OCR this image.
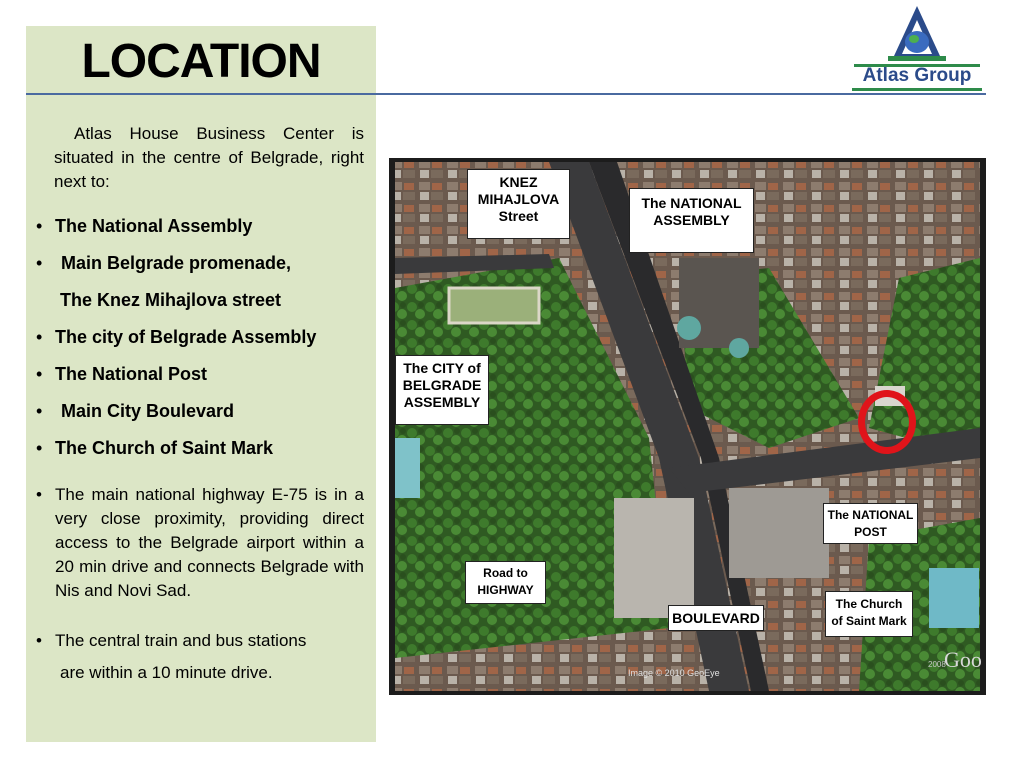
LOCATION	Atlas Group

Atlas House Business Center is situated in the centre of Belgrade, right next to:

• The National Assembly
• Main Belgrade promenade,
The Knez Mihajlova street
• The city of Belgrade Assembly
• The National Post
• Main City Boulevard
• The Church of Saint Mark
• The main national highway E-75 is in a very close proximity, providing direct access to the Belgrade airport within a 20 min drive and connects Belgrade with Nis and Novi Sad.
• The central train and bus stations
are within a 10 minute drive.
KNEZ
MIHAJLOVA
Street
The NATIONAL
ASSEMBLY
The CITY of
BELGRADE
ASSEMBLY
The NATIONAL
POST
Road to
HIGHWAY
BOULEVARD
The Church
of Saint Mark
Image © 2010 GeoEye
2008
Goo
